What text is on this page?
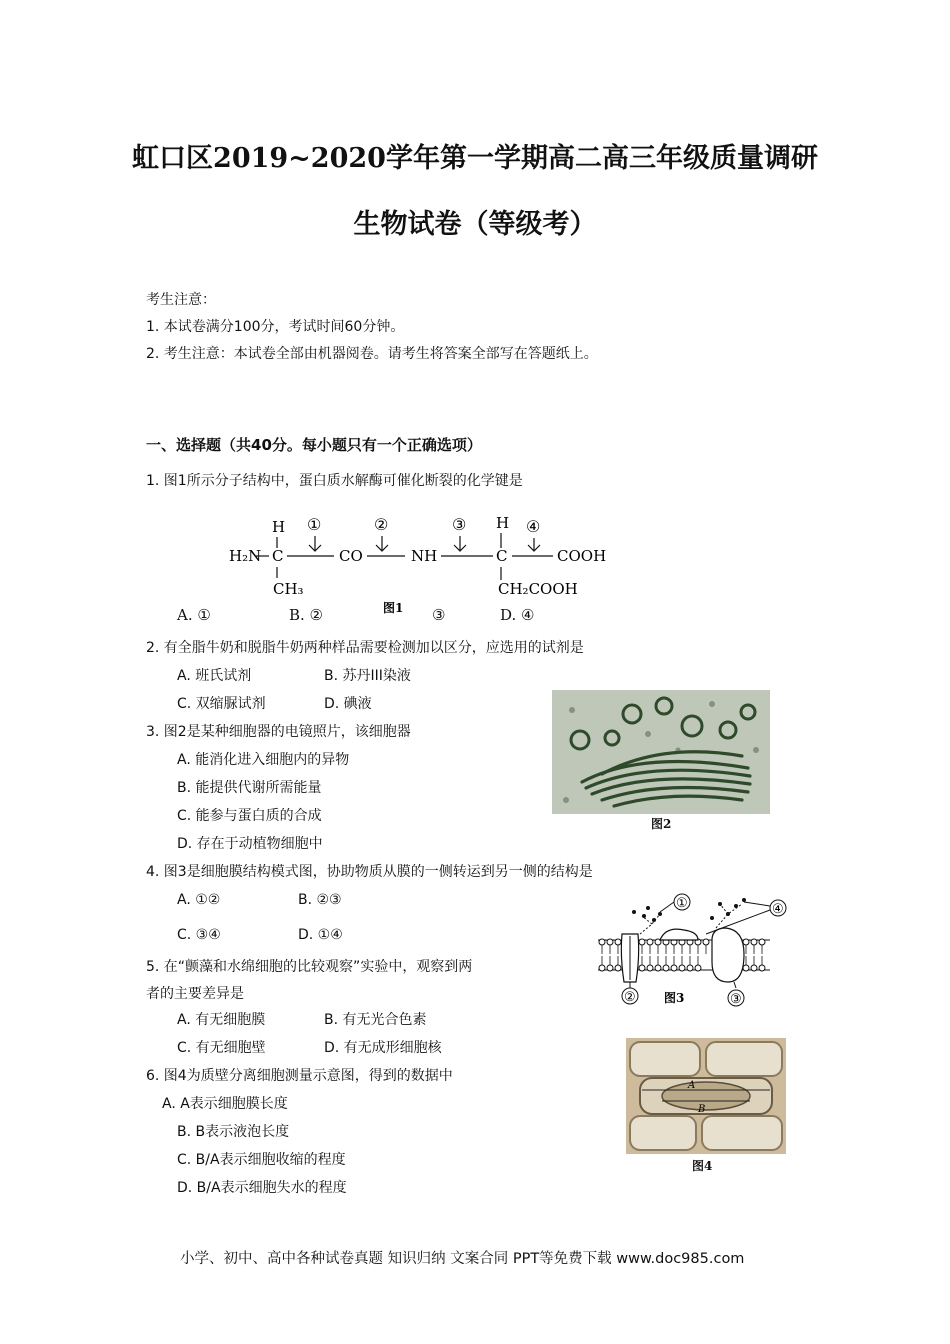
虹口区2019~2020学年第一学期高二高三年级质量调研
生物试卷（等级考）
考生注意：
1. 本试卷满分100分，考试时间60分钟。
2. 考生注意：本试卷全部由机器阅卷。请考生将答案全部写在答题纸上。
一、选择题（共40分。每小题只有一个正确选项）
1. 图1所示分子结构中，蛋白质水解酶可催化断裂的化学键是
H
H₂N C
CH₃
①
CO
②
NH
③ H
C
CH₂COOH
④
COOH
图1
A. ①	B. ②	③	D. ④
2. 有全脂牛奶和脱脂牛奶两种样品需要检测加以区分，应选用的试剂是
A. 班氏试剂	B. 苏丹III染液
C. 双缩脲试剂	D. 碘液
图2
3. 图2是某种细胞器的电镜照片，该细胞器
A. 能消化进入细胞内的异物
B. 能提供代谢所需能量
C. 能参与蛋白质的合成
D. 存在于动植物细胞中
4. 图3是细胞膜结构模式图，协助物质从膜的一侧转运到另一侧的结构是
A. ①②	B. ②③
C. ③④	D. ①④
①	④
②	③
图3
5. 在“颤藻和水绵细胞的比较观察”实验中，观察到两
者的主要差异是
A. 有无细胞膜	B. 有无光合色素
C. 有无细胞壁	D. 有无成形细胞核
A
B
图4
6. 图4为质壁分离细胞测量示意图，得到的数据中
A. A表示细胞膜长度
B. B表示液泡长度
C. B/A表示细胞收缩的程度
D. B/A表示细胞失水的程度
小学、初中、高中各种试卷真题 知识归纳 文案合同 PPT等免费下载 www.doc985.com
